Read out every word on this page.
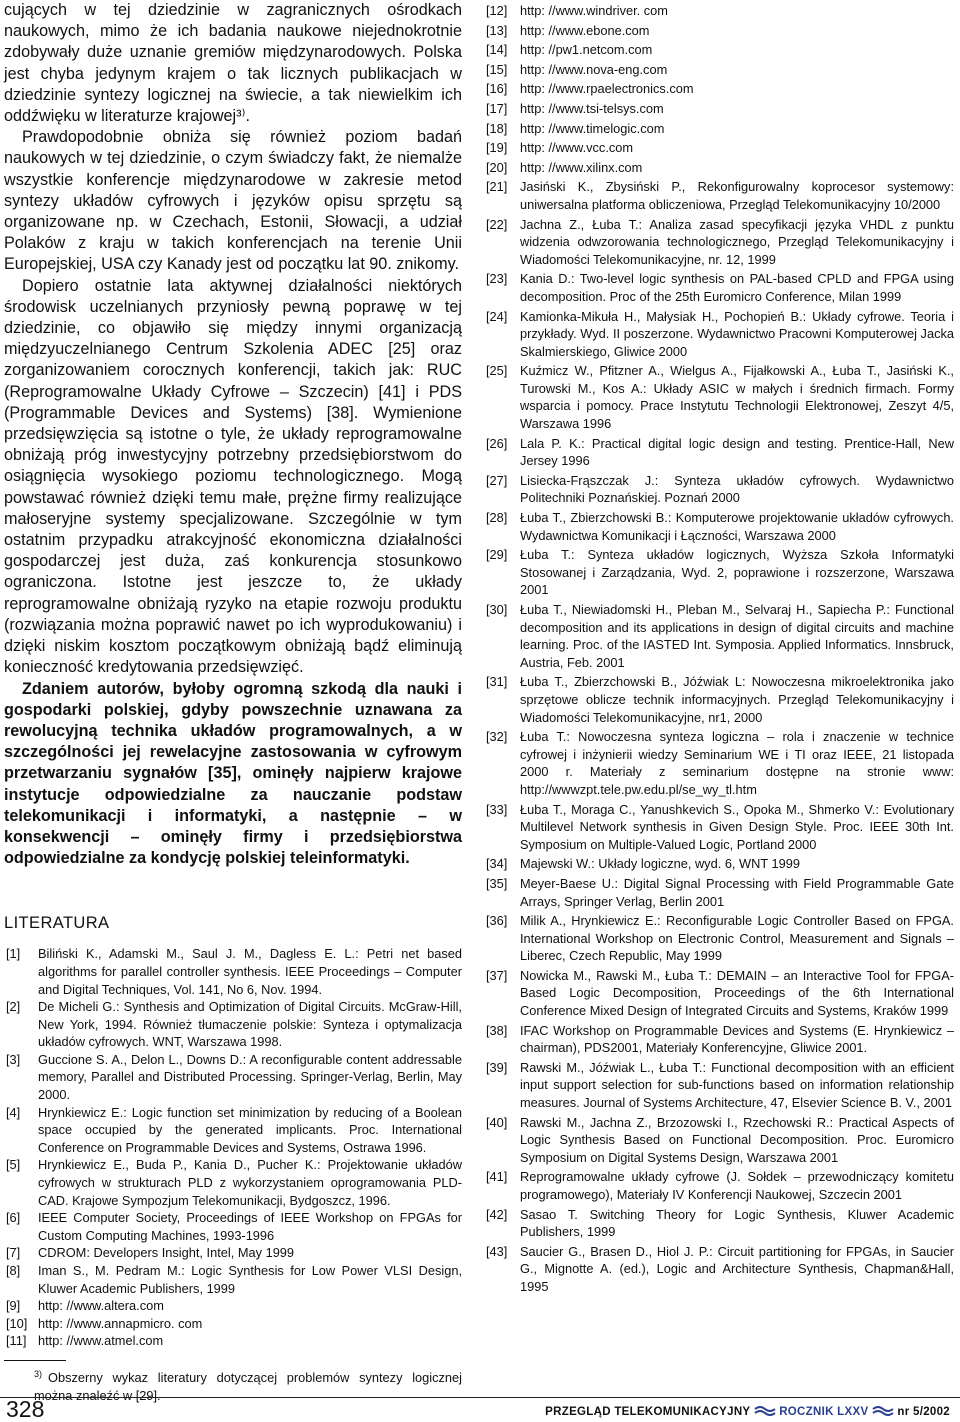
cujących w tej dziedzinie w zagranicznych ośrodkach naukowych, mimo że ich badania naukowe niejednokrotnie zdobywały duże uznanie gremiów międzynarodowych. Polska jest chyba jedynym krajem o tak licznych publikacjach w dziedzinie syntezy logicznej na świecie, a tak niewielkim ich oddźwięku w literaturze krajowej³⁾.

Prawdopodobnie obniża się również poziom badań naukowych w tej dziedzinie, o czym świadczy fakt, że niemalże wszystkie konferencje międzynarodowe w zakresie metod syntezy układów cyfrowych i języków opisu sprzętu są organizowane np. w Czechach, Estonii, Słowacji, a udział Polaków z kraju w takich konferencjach na terenie Unii Europejskiej, USA czy Kanady jest od początku lat 90. znikomy.

Dopiero ostatnie lata aktywnej działalności niektórych środowisk uczelnianych przyniosły pewną poprawę w tej dziedzinie, co objawiło się między innymi organizacją międzyuczelnianego Centrum Szkolenia ADEC [25] oraz zorganizowaniem corocznych konferencji, takich jak: RUC (Reprogramowalne Układy Cyfrowe – Szczecin) [41] i PDS (Programmable Devices and Systems) [38]. Wymienione przedsięwzięcia są istotne o tyle, że układy reprogramowalne obniżają próg inwestycyjny potrzebny przedsiębiorstwom do osiągnięcia wysokiego poziomu technologicznego. Mogą powstawać również dzięki temu małe, prężne firmy realizujące małoseryjne systemy specjalizowane. Szczególnie w tym ostatnim przypadku atrakcyjność ekonomiczna działalności gospodarczej jest duża, zaś konkurencja stosunkowo ograniczona. Istotne jest jeszcze to, że układy reprogramowalne obniżają ryzyko na etapie rozwoju produktu (rozwiązania można poprawić nawet po ich wyprodukowaniu) i dzięki niskim kosztom początkowym obniżają bądź eliminują konieczność kredytowania przedsięwzięć.

Zdaniem autorów, byłoby ogromną szkodą dla nauki i gospodarki polskiej, gdyby powszechnie uznawana za rewolucyjną technika układów programowalnych, a w szczególności jej rewelacyjne zastosowania w cyfrowym przetwarzaniu sygnałów [35], ominęły najpierw krajowe instytucje odpowiedzialne za nauczanie podstaw telekomunikacji i informatyki, a następnie – w konsekwencji – ominęły firmy i przedsiębiorstwa odpowiedzialne za kondycję polskiej teleinformatyki.

LITERATURA
[1] Biliński K., Adamski M., Saul J. M., Dagless E. L.: Petri net based algorithms for parallel controller synthesis. IEEE Proceedings – Computer and Digital Techniques, Vol. 141, No 6, Nov. 1994.
[2] De Micheli G.: Synthesis and Optimization of Digital Circuits. McGraw-Hill, New York, 1994. Również tłumaczenie polskie: Synteza i optymalizacja układów cyfrowych. WNT, Warszawa 1998.
[3] Guccione S. A., Delon L., Downs D.: A reconfigurable content addressable memory, Parallel and Distributed Processing. Springer-Verlag, Berlin, May 2000.
[4] Hrynkiewicz E.: Logic function set minimization by reducing of a Boolean space occupied by the generated implicants. Proc. International Conference on Programmable Devices and Systems, Ostrawa 1996.
[5] Hrynkiewicz E., Buda P., Kania D., Pucher K.: Projektowanie układów cyfrowych w strukturach PLD z wykorzystaniem oprogramowania PLD-CAD. Krajowe Sympozjum Telekomunikacji, Bydgoszcz, 1996.
[6] IEEE Computer Society, Proceedings of IEEE Workshop on FPGAs for Custom Computing Machines, 1993-1996
[7] CDROM: Developers Insight, Intel, May 1999
[8] Iman S., M. Pedram M.: Logic Synthesis for Low Power VLSI Design, Kluwer Academic Publishers, 1999
[9] http: //www.altera.com
[10] http: //www.annapmicro. com
[11] http: //www.atmel.com
3) Obszerny wykaz literatury dotyczącej problemów syntezy logicznej można znaleźć w [29].
[12] http: //www.windriver. com
[13] http: //www.ebone.com
[14] http: //pw1.netcom.com
[15] http: //www.nova-eng.com
[16] http: //www.rpaelectronics.com
[17] http: //www.tsi-telsys.com
[18] http: //www.timelogic.com
[19] http: //www.vcc.com
[20] http: //www.xilinx.com
[21] Jasiński K., Zbysiński P., Rekonfigurowalny koprocesor systemowy: uniwersalna platforma obliczeniowa, Przegląd Telekomunikacyjny 10/2000
[22] Jachna Z., Łuba T.: Analiza zasad specyfikacji języka VHDL z punktu widzenia odwzorowania technologicznego, Przegląd Telekomunikacyjny i Wiadomości Telekomunikacyjne, nr. 12, 1999
[23] Kania D.: Two-level logic synthesis on PAL-based CPLD and FPGA using decomposition. Proc of the 25th Euromicro Conference, Milan 1999
[24] Kamionka-Mikuła H., Małysiak H., Pochopień B.: Układy cyfrowe. Teoria i przykłady. Wyd. II poszerzone. Wydawnictwo Pracowni Komputerowej Jacka Skalmierskiego, Gliwice 2000
[25] Kuźmicz W., Pfitzner A., Wielgus A., Fijałkowski A., Łuba T., Jasiński K., Turowski M., Kos A.: Układy ASIC w małych i średnich firmach. Formy wsparcia i pomocy. Prace Instytutu Technologii Elektronowej, Zeszyt 4/5, Warszawa 1996
[26] Lala P. K.: Practical digital logic design and testing. Prentice-Hall, New Jersey 1996
[27] Lisiecka-Frąszczak J.: Synteza układów cyfrowych. Wydawnictwo Politechniki Poznańskiej. Poznań 2000
[28] Łuba T., Zbierzchowski B.: Komputerowe projektowanie układów cyfrowych. Wydawnictwa Komunikacji i Łączności, Warszawa 2000
[29] Łuba T.: Synteza układów logicznych, Wyższa Szkoła Informatyki Stosowanej i Zarządzania, Wyd. 2, poprawione i rozszerzone, Warszawa 2001
[30] Łuba T., Niewiadomski H., Pleban M., Selvaraj H., Sapiecha P.: Functional decomposition and its applications in design of digital circuits and machine learning. Proc. of the IASTED Int. Symposia. Applied Informatics. Innsbruck, Austria, Feb. 2001
[31] Łuba T., Zbierzchowski B., Jóźwiak L: Nowoczesna mikroelektronika jako sprzętowe oblicze technik informacyjnych. Przegląd Telekomunikacyjny i Wiadomości Telekomunikacyjne, nr1, 2000
[32] Łuba T.: Nowoczesna synteza logiczna – rola i znaczenie w technice cyfrowej i inżynierii wiedzy Seminarium WE i TI oraz IEEE, 21 listopada 2000 r. Materiały z seminarium dostępne na stronie www: http://wwwzpt.tele.pw.edu.pl/se_wy_tl.htm
[33] Łuba T., Moraga C., Yanushkevich S., Opoka M., Shmerko V.: Evolutionary Multilevel Network synthesis in Given Design Style. Proc. IEEE 30th Int. Symposium on Multiple-Valued Logic, Portland 2000
[34] Majewski W.: Układy logiczne, wyd. 6, WNT 1999
[35] Meyer-Baese U.: Digital Signal Processing with Field Programmable Gate Arrays, Springer Verlag, Berlin 2001
[36] Milik A., Hrynkiewicz E.: Reconfigurable Logic Controller Based on FPGA. International Workshop on Electronic Control, Measurement and Signals – Liberec, Czech Republic, May 1999
[37] Nowicka M., Rawski M., Łuba T.: DEMAIN – an Interactive Tool for FPGA-Based Logic Decomposition, Proceedings of the 6th International Conference Mixed Design of Integrated Circuits and Systems, Kraków 1999
[38] IFAC Workshop on Programmable Devices and Systems (E. Hrynkiewicz – chairman), PDS2001, Materiały Konferencyjne, Gliwice 2001.
[39] Rawski M., Jóźwiak L., Łuba T.: Functional decomposition with an efficient input support selection for sub-functions based on information relationship measures. Journal of Systems Architecture, 47, Elsevier Science B. V., 2001
[40] Rawski M., Jachna Z., Brzozowski I., Rzechowski R.: Practical Aspects of Logic Synthesis Based on Functional Decomposition. Proc. Euromicro Symposium on Digital Systems Design, Warszawa 2001
[41] Reprogramowalne układy cyfrowe (J. Sołdek – przewodniczący komitetu programowego), Materiały IV Konferencji Naukowej, Szczecin 2001
[42] Sasao T. Switching Theory for Logic Synthesis, Kluwer Academic Publishers, 1999
[43] Saucier G., Brasen D., Hiol J. P.: Circuit partitioning for FPGAs, in Saucier G., Mignotte A. (ed.), Logic and Architecture Synthesis, Chapman&Hall, 1995
328	PRZEGLĄD TELEKOMUNIKACYJNY	ROCZNIK LXXV	nr 5/2002
